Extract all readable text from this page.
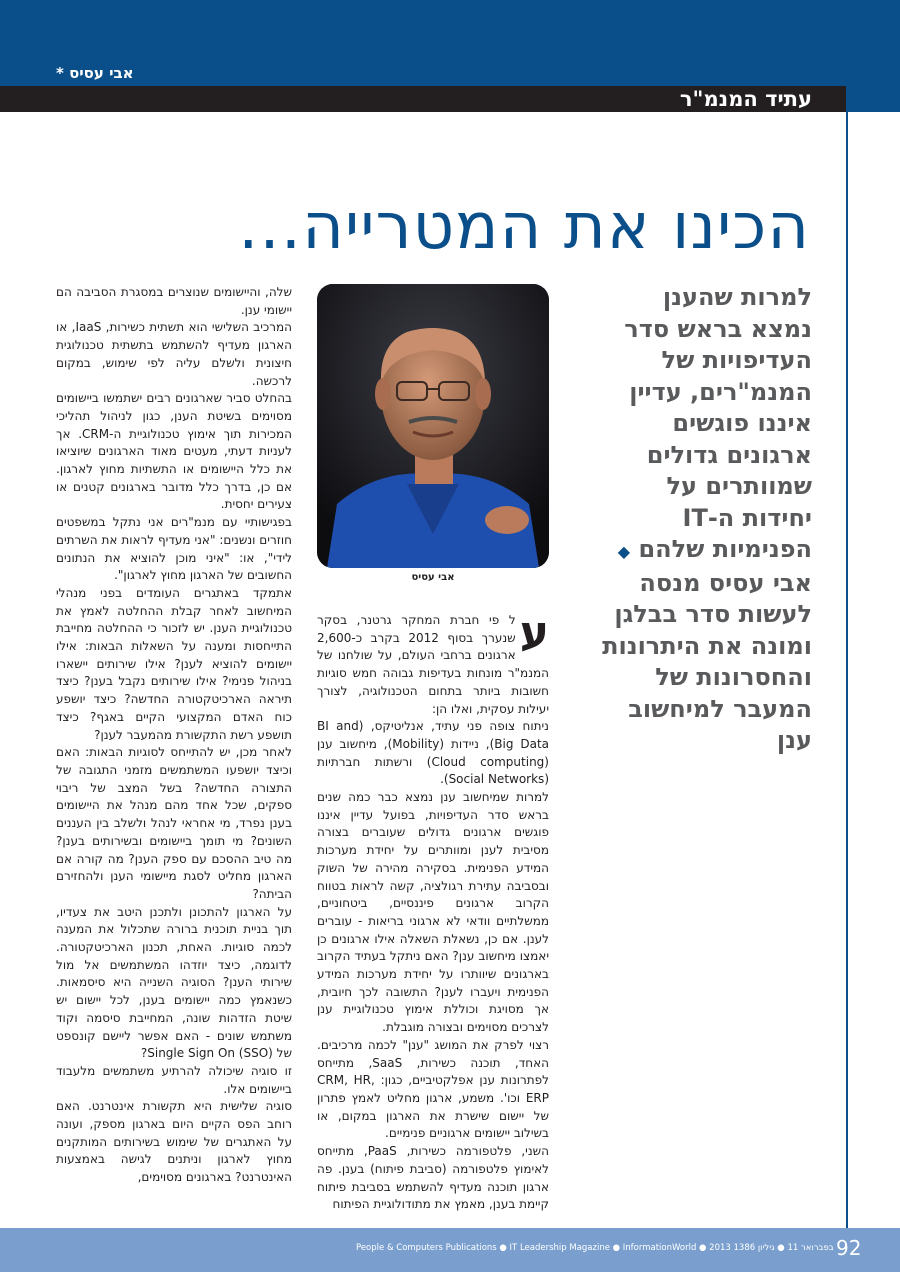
אבי עסיס *
עתיד המנמ"ר
הכינו את המטרייה...
למרות שהענן נמצא בראש סדר העדיפויות של המנמ"רים, עדיין איננו פוגשים ארגונים גדולים שמוותרים על יחידות ה-IT הפנימיות שלהם ◆ אבי עסיס מנסה לעשות סדר בבלגן ומונה את היתרונות והחסרונות של המעבר למיחשוב ענן
אבי עסיס
ע

ל פי חברת המחקר גרטנר, בסקר שנערך בסוף 2012 בקרב כ-2,600 ארגונים ברחבי העולם, על שולחנו של המנמ"ר מונחות בעדיפות גבוהה חמש סוגיות חשובות ביותר בתחום הטכנולוגיה, לצורך יעילות עסקית, ואלו הן:

ניתוח צופה פני עתיד, אנליטיקס, (BI and Big Data), ניידות (Mobility), מיחשוב ענן (Cloud computing) ורשתות חברתיות (Social Networks).

למרות שמיחשוב ענן נמצא כבר כמה שנים בראש סדר העדיפויות, בפועל עדיין איננו פוגשים ארגונים גדולים שעוברים בצורה מסיבית לענן ומוותרים על יחידת מערכות המידע הפנימית. בסקירה מהירה של השוק ובסביבה עתירת רגולציה, קשה לראות בטווח הקרוב ארגונים פיננסיים, ביטחוניים, ממשלתיים וודאי לא ארגוני בריאות - עוברים לענן. אם כן, נשאלת השאלה אילו ארגונים כן יאמצו מיחשוב ענן? האם ניתקל בעתיד הקרוב בארגונים שיוותרו על יחידת מערכות המידע הפנימית ויעברו לענן? התשובה לכך חיובית, אך מסויגת וכוללת אימוץ טכנולוגיית ענן לצרכים מסוימים ובצורה מוגבלת.

רצוי לפרק את המושג "ענן" לכמה מרכיבים. האחד, תוכנה כשירות, SaaS, מתייחס לפתרונות ענן אפלקטיביים, כגון: CRM, HR, ERP וכו'. משמע, ארגון מחליט לאמץ פתרון של יישום שישרת את הארגון במקום, או בשילוב יישומים ארגוניים פנימיים.

השני, פלטפורמה כשירות, PaaS, מתייחס לאימוץ פלטפורמה (סביבת פיתוח) בענן. פה ארגון תוכנה מעדיף להשתמש בסביבת פיתוח קיימת בענן, מאמץ את מתודולוגיית הפיתוח

שלה, והיישומים שנוצרים במסגרת הסביבה הם יישומי ענן.

המרכיב השלישי הוא תשתית כשירות, IaaS, או הארגון מעדיף להשתמש בתשתית טכנולוגית חיצונית ולשלם עליה לפי שימוש, במקום לרכשה.

בהחלט סביר שארגונים רבים ישתמשו ביישומים מסוימים בשיטת הענן, כגון לניהול תהליכי המכירות תוך אימוץ טכנולוגיית ה-CRM. אך לעניות דעתי, מעטים מאוד הארגונים שיוציאו את כלל היישומים או התשתיות מחוץ לארגון. אם כן, בדרך כלל מדובר בארגונים קטנים או צעירים יחסית.

בפגישותיי עם מנמ"רים אני נתקל במשפטים חוזרים ונשנים: "אני מעדיף לראות את השרתים לידי", או: "איני מוכן להוציא את הנתונים החשובים של הארגון מחוץ לארגון".

אתמקד באתגרים העומדים בפני מנהלי המיחשוב לאחר קבלת ההחלטה לאמץ את טכנולוגיית הענן. יש לזכור כי ההחלטה מחייבת התייחסות ומענה על השאלות הבאות: אילו יישומים להוציא לענן? אילו שירותים יישארו בניהול פנימי? אילו שירותים נקבל בענן? כיצד תיראה הארכיטקטורה החדשה? כיצד יושפע כוח האדם המקצועי הקיים באגף? כיצד תושפע רשת התקשורת מהמעבר לענן?

לאחר מכן, יש להתייחס לסוגיות הבאות: האם וכיצד יושפעו המשתמשים מזמני התגובה של התצורה החדשה? בשל המצב של ריבוי ספקים, שכל אחד מהם מנהל את היישומים בענן נפרד, מי אחראי לנהל ולשלב בין העננים השונים? מי תומך ביישומים ובשירותים בענן? מה טיב ההסכם עם ספק הענן? מה קורה אם הארגון מחליט לסגת מיישומי הענן ולהחזירם הביתה?

על הארגון להתכונן ולתכנן היטב את צעדיו, תוך בניית תוכנית ברורה שתכלול את המענה לכמה סוגיות. האחת, תכנון הארכיטקטורה. לדוגמה, כיצד יוזדהו המשתמשים אל מול שירותי הענן? הסוגיה השנייה היא סיסמאות. כשנאמץ כמה יישומים בענן, לכל יישום יש שיטת הזדהות שונה, המחייבת סיסמה וקוד משתמש שונים - האם אפשר ליישם קונספט של (Single Sign On (SSO?

זו סוגיה שיכולה להרתיע משתמשים מלעבוד ביישומים אלו.

סוגיה שלישית היא תקשורת אינטרנט. האם רוחב הפס הקיים היום בארגון מספק, ועונה על האתגרים של שימוש בשירותים המותקנים מחוץ לארגון וניתנים לגישה באמצעות האינטרנט? בארגונים מסוימים,

People & Computers Publications ● IT Leadership Magazine ● InformationWorld ● 2013 בפברואר 11 ● גיליון 1386 92
